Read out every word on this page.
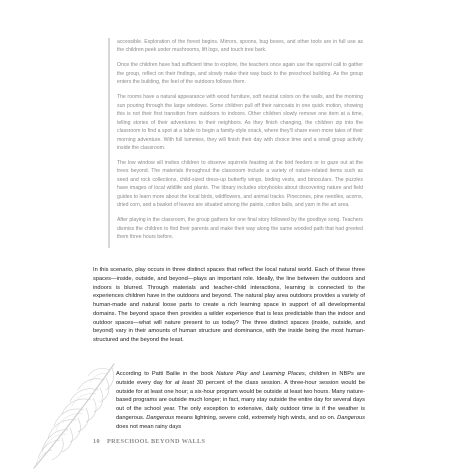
accessible. Exploration of the forest begins. Mirrors, spoons, bug boxes, and other tools are in full use as the children peek under mushrooms, lift logs, and touch tree bark.

Once the children have had sufficient time to explore, the teachers once again use the squirrel call to gather the group, reflect on their findings, and slowly make their way back to the preschool building. As the group enters the building, the feel of the outdoors follows them.

The rooms have a natural appearance with wood furniture, soft neutral colors on the walls, and the morning sun pouring through the large windows. Some children pull off their raincoats in one quick motion, showing this is not their first transition from outdoors to indoors. Other children slowly remove one item at a time, telling stories of their adventures to their neighbors. As they finish changing, the children zip into the classroom to find a spot at a table to begin a family-style snack, where they'll share even more tales of their morning adventure. With full tummies, they will finish their day with choice time and a small group activity inside the classroom.

The low window sill invites children to observe squirrels feasting at the bird feeders or to gaze out at the trees beyond. The materials throughout the classroom include a variety of nature-related items such as seed and rock collections, child-sized dress-up butterfly wings, birding vests, and binoculars. The puzzles have images of local wildlife and plants. The library includes storybooks about discovering nature and field guides to learn more about the local birds, wildflowers, and animal tracks. Pinecones, pine needles, acorns, dried corn, and a basket of leaves are situated among the paints, cotton balls, and yarn in the art area.

After playing in the classroom, the group gathers for one final story followed by the goodbye song. Teachers dismiss the children to find their parents and make their way along the same wooded path that had greeted them three hours before.

In this scenario, play occurs in three distinct spaces that reflect the local natural world. Each of these three spaces—inside, outside, and beyond—plays an important role. Ideally, the line between the outdoors and indoors is blurred. Through materials and teacher-child interactions, learning is connected to the experiences children have in the outdoors and beyond. The natural play area outdoors provides a variety of human-made and natural loose parts to create a rich learning space in support of all developmental domains. The beyond space then provides a wilder experience that is less predictable than the indoor and outdoor spaces—what will nature present to us today? The three distinct spaces (inside, outside, and beyond) vary in their amounts of human structure and dominance, with the inside being the most human-structured and the beyond the least.

According to Patti Bailie in the book Nature Play and Learning Places, children in NBPs are outside every day for at least 30 percent of the class session. A three-hour session would be outside for at least one hour; a six-hour program would be outside at least two hours. Many nature-based programs are outside much longer; in fact, many stay outside the entire day for several days out of the school year. The only exception to extensive, daily outdoor time is if the weather is dangerous. Dangerous means lightning, severe cold, extremely high winds, and so on. Dangerous does not mean rainy days

10 PRESCHOOL BEYOND WALLS
